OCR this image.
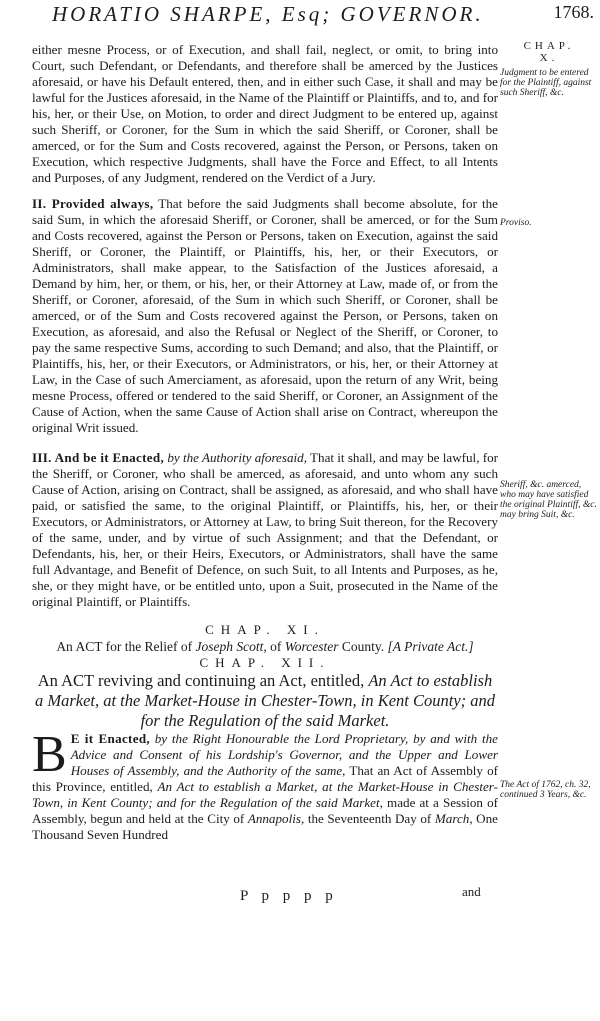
HORATIO SHARPE, Esq; GOVERNOR.	1768.

either mesne Process, or of Execution, and shall fail, neglect, or omit, to bring into Court, such Defendant, or Defendants, and therefore shall be amerced by the Justices aforesaid, or have his Default entered, then, and in either such Case, it shall and may be lawful for the Justices aforesaid, in the Name of the Plaintiff or Plaintiffs, and to, and for his, her, or their Use, on Motion, to order and direct Judgment to be entered up, against such Sheriff, or Coroner, for the Sum in which the said Sheriff, or Coroner, shall be amerced, or for the Sum and Costs recovered, against the Person, or Persons, taken on Execution, which respective Judgments, shall have the Force and Effect, to all Intents and Purposes, of any Judgment, rendered on the Verdict of a Jury.

II. Provided always, That before the said Judgments shall become absolute, for the said Sum, in which the aforesaid Sheriff, or Coroner, shall be amerced, or for the Sum and Costs recovered, against the Person or Persons, taken on Execution, against the said Sheriff, or Coroner, the Plaintiff, or Plaintiffs, his, her, or their Executors, or Administrators, shall make appear, to the Satisfaction of the Justices aforesaid, a Demand by him, her, or them, or his, her, or their Attorney at Law, made of, or from the Sheriff, or Coroner, aforesaid, of the Sum in which such Sheriff, or Coroner, shall be amerced, or of the Sum and Costs recovered against the Person, or Persons, taken on Execution, as aforesaid, and also the Refusal or Neglect of the Sheriff, or Coroner, to pay the same respective Sums, according to such Demand; and also, that the Plaintiff, or Plaintiffs, his, her, or their Executors, or Administrators, or his, her, or their Attorney at Law, in the Case of such Amerciament, as aforesaid, upon the return of any Writ, being mesne Process, offered or tendered to the said Sheriff, or Coroner, an Assignment of the Cause of Action, when the same Cause of Action shall arise on Contract, whereupon the original Writ issued.

III. And be it Enacted, by the Authority aforesaid, That it shall, and may be lawful, for the Sheriff, or Coroner, who shall be amerced, as aforesaid, and unto whom any such Cause of Action, arising on Contract, shall be assigned, as aforesaid, and who shall have paid, or satisfied the same, to the original Plaintiff, or Plaintiffs, his, her, or their Executors, or Administrators, or Attorney at Law, to bring Suit thereon, for the Recovery of the same, under, and by virtue of such Assignment; and that the Defendant, or Defendants, his, her, or their Heirs, Executors, or Administrators, shall have the same full Advantage, and Benefit of Defence, on such Suit, to all Intents and Purposes, as he, she, or they might have, or be entitled unto, upon a Suit, prosecuted in the Name of the original Plaintiff, or Plaintiffs.

CHAP. XI.

An ACT for the Relief of Joseph Scott, of Worcester County. [A Private Act.]

CHAP. XII.

An ACT reviving and continuing an Act, entitled, An Act to establish a Market, at the Market-House in Chester-Town, in Kent County; and for the Regulation of the said Market.

B E it Enacted, by the Right Honourable the Lord Proprietary, by and with the Advice and Consent of his Lordship's Governor, and the Upper and Lower Houses of Assembly, and the Authority of the same, That an Act of Assembly of this Province, entitled, An Act to establish a Market, at the Market-House in Chester-Town, in Kent County; and for the Regulation of the said Market, made at a Session of Assembly, begun and held at the City of Annapolis, the Seventeenth Day of March, One Thousand Seven Hundred

CHAP.

X.

Judgment to be entered for the Plaintiff, against such Sheriff, &c.

Proviso.

Sheriff, &c. amerced, who may have satisfied the original Plaintiff, &c. may bring Suit, &c.

The Act of 1762, ch. 32, continued 3 Years, &c.

P p p p p	and
